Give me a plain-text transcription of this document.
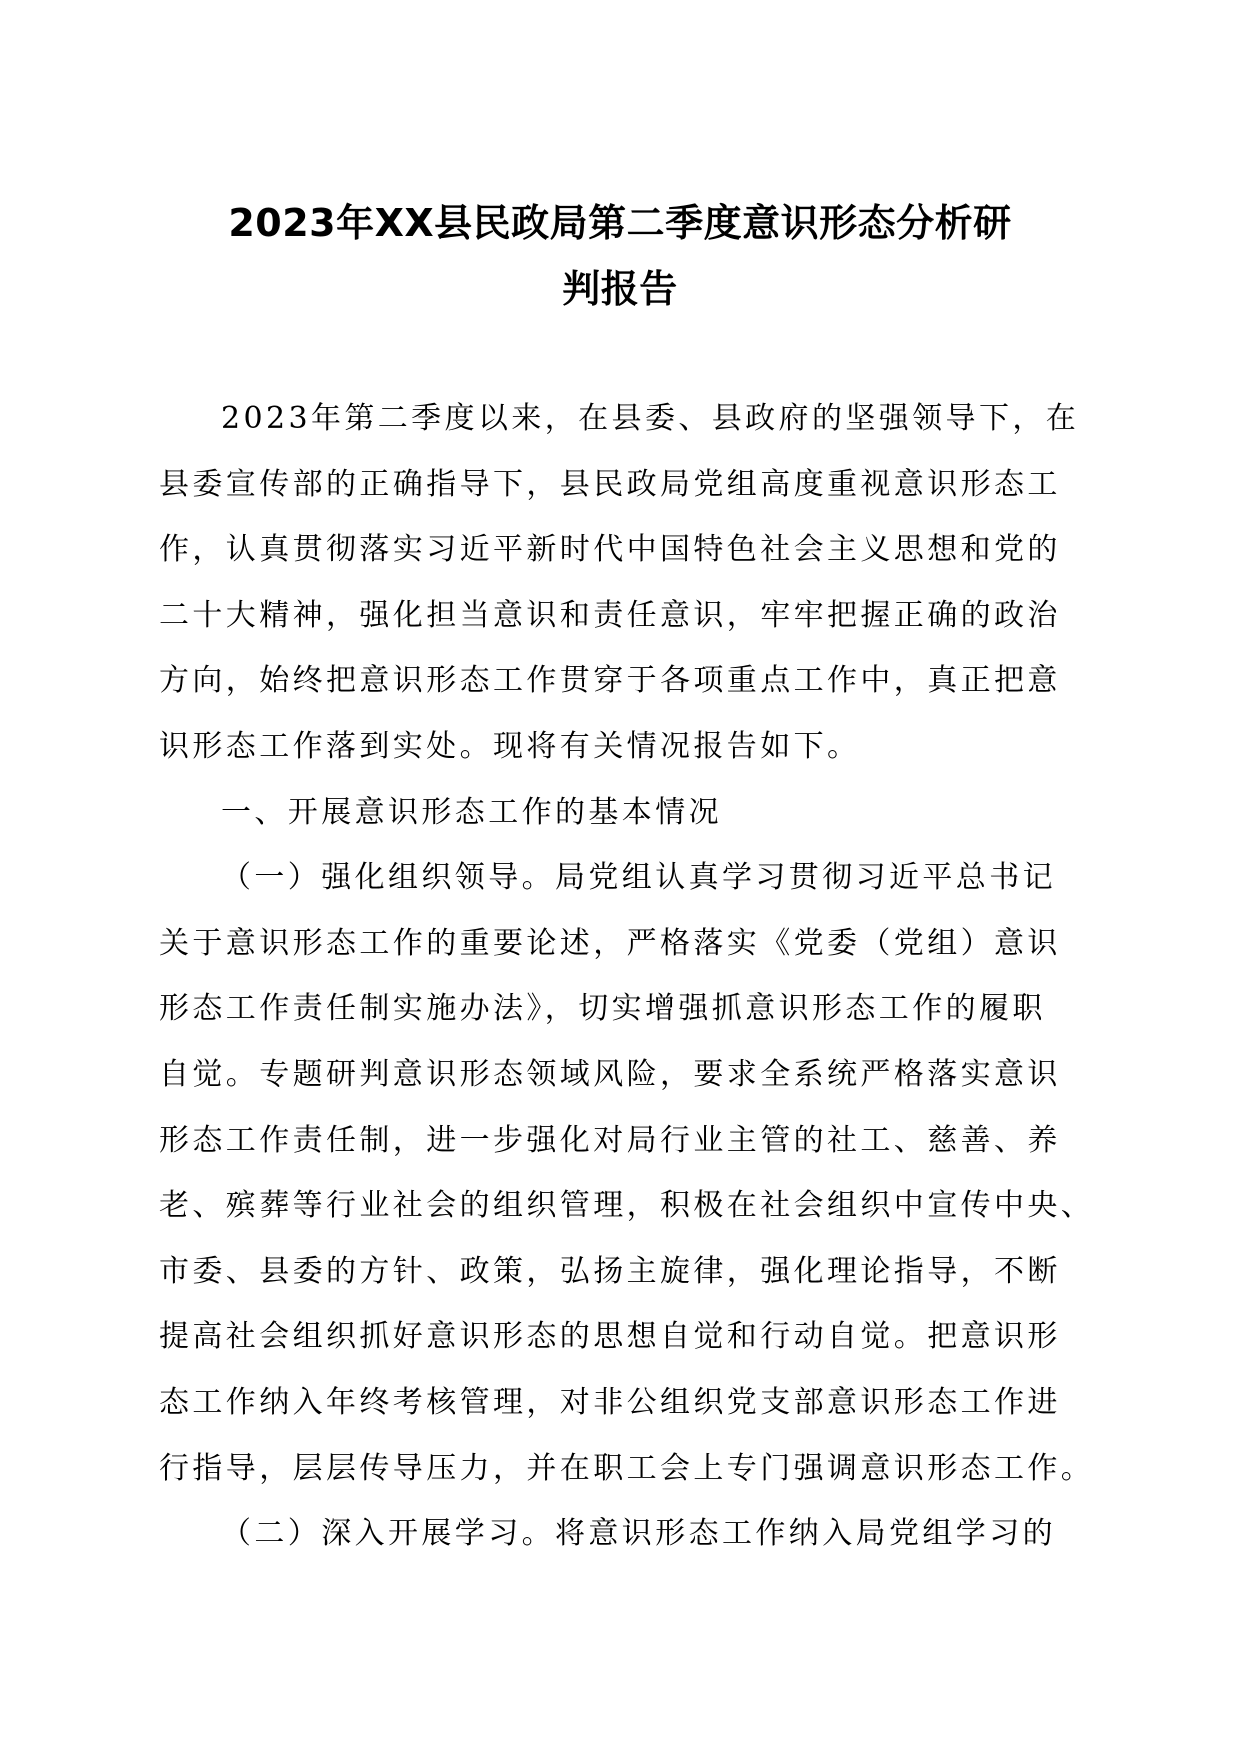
2023年XX县民政局第二季度意识形态分析研
判报告
2023年第二季度以来，在县委、县政府的坚强领导下，在
县委宣传部的正确指导下，县民政局党组高度重视意识形态工
作，认真贯彻落实习近平新时代中国特色社会主义思想和党的
二十大精神，强化担当意识和责任意识，牢牢把握正确的政治
方向，始终把意识形态工作贯穿于各项重点工作中，真正把意
识形态工作落到实处。现将有关情况报告如下。
一、开展意识形态工作的基本情况
（一）强化组织领导。局党组认真学习贯彻习近平总书记
关于意识形态工作的重要论述，严格落实《党委（党组）意识
形态工作责任制实施办法》，切实增强抓意识形态工作的履职
自觉。专题研判意识形态领域风险，要求全系统严格落实意识
形态工作责任制，进一步强化对局行业主管的社工、慈善、养
老、殡葬等行业社会的组织管理，积极在社会组织中宣传中央、
市委、县委的方针、政策，弘扬主旋律，强化理论指导，不断
提高社会组织抓好意识形态的思想自觉和行动自觉。把意识形
态工作纳入年终考核管理，对非公组织党支部意识形态工作进
行指导，层层传导压力，并在职工会上专门强调意识形态工作。
（二）深入开展学习。将意识形态工作纳入局党组学习的
